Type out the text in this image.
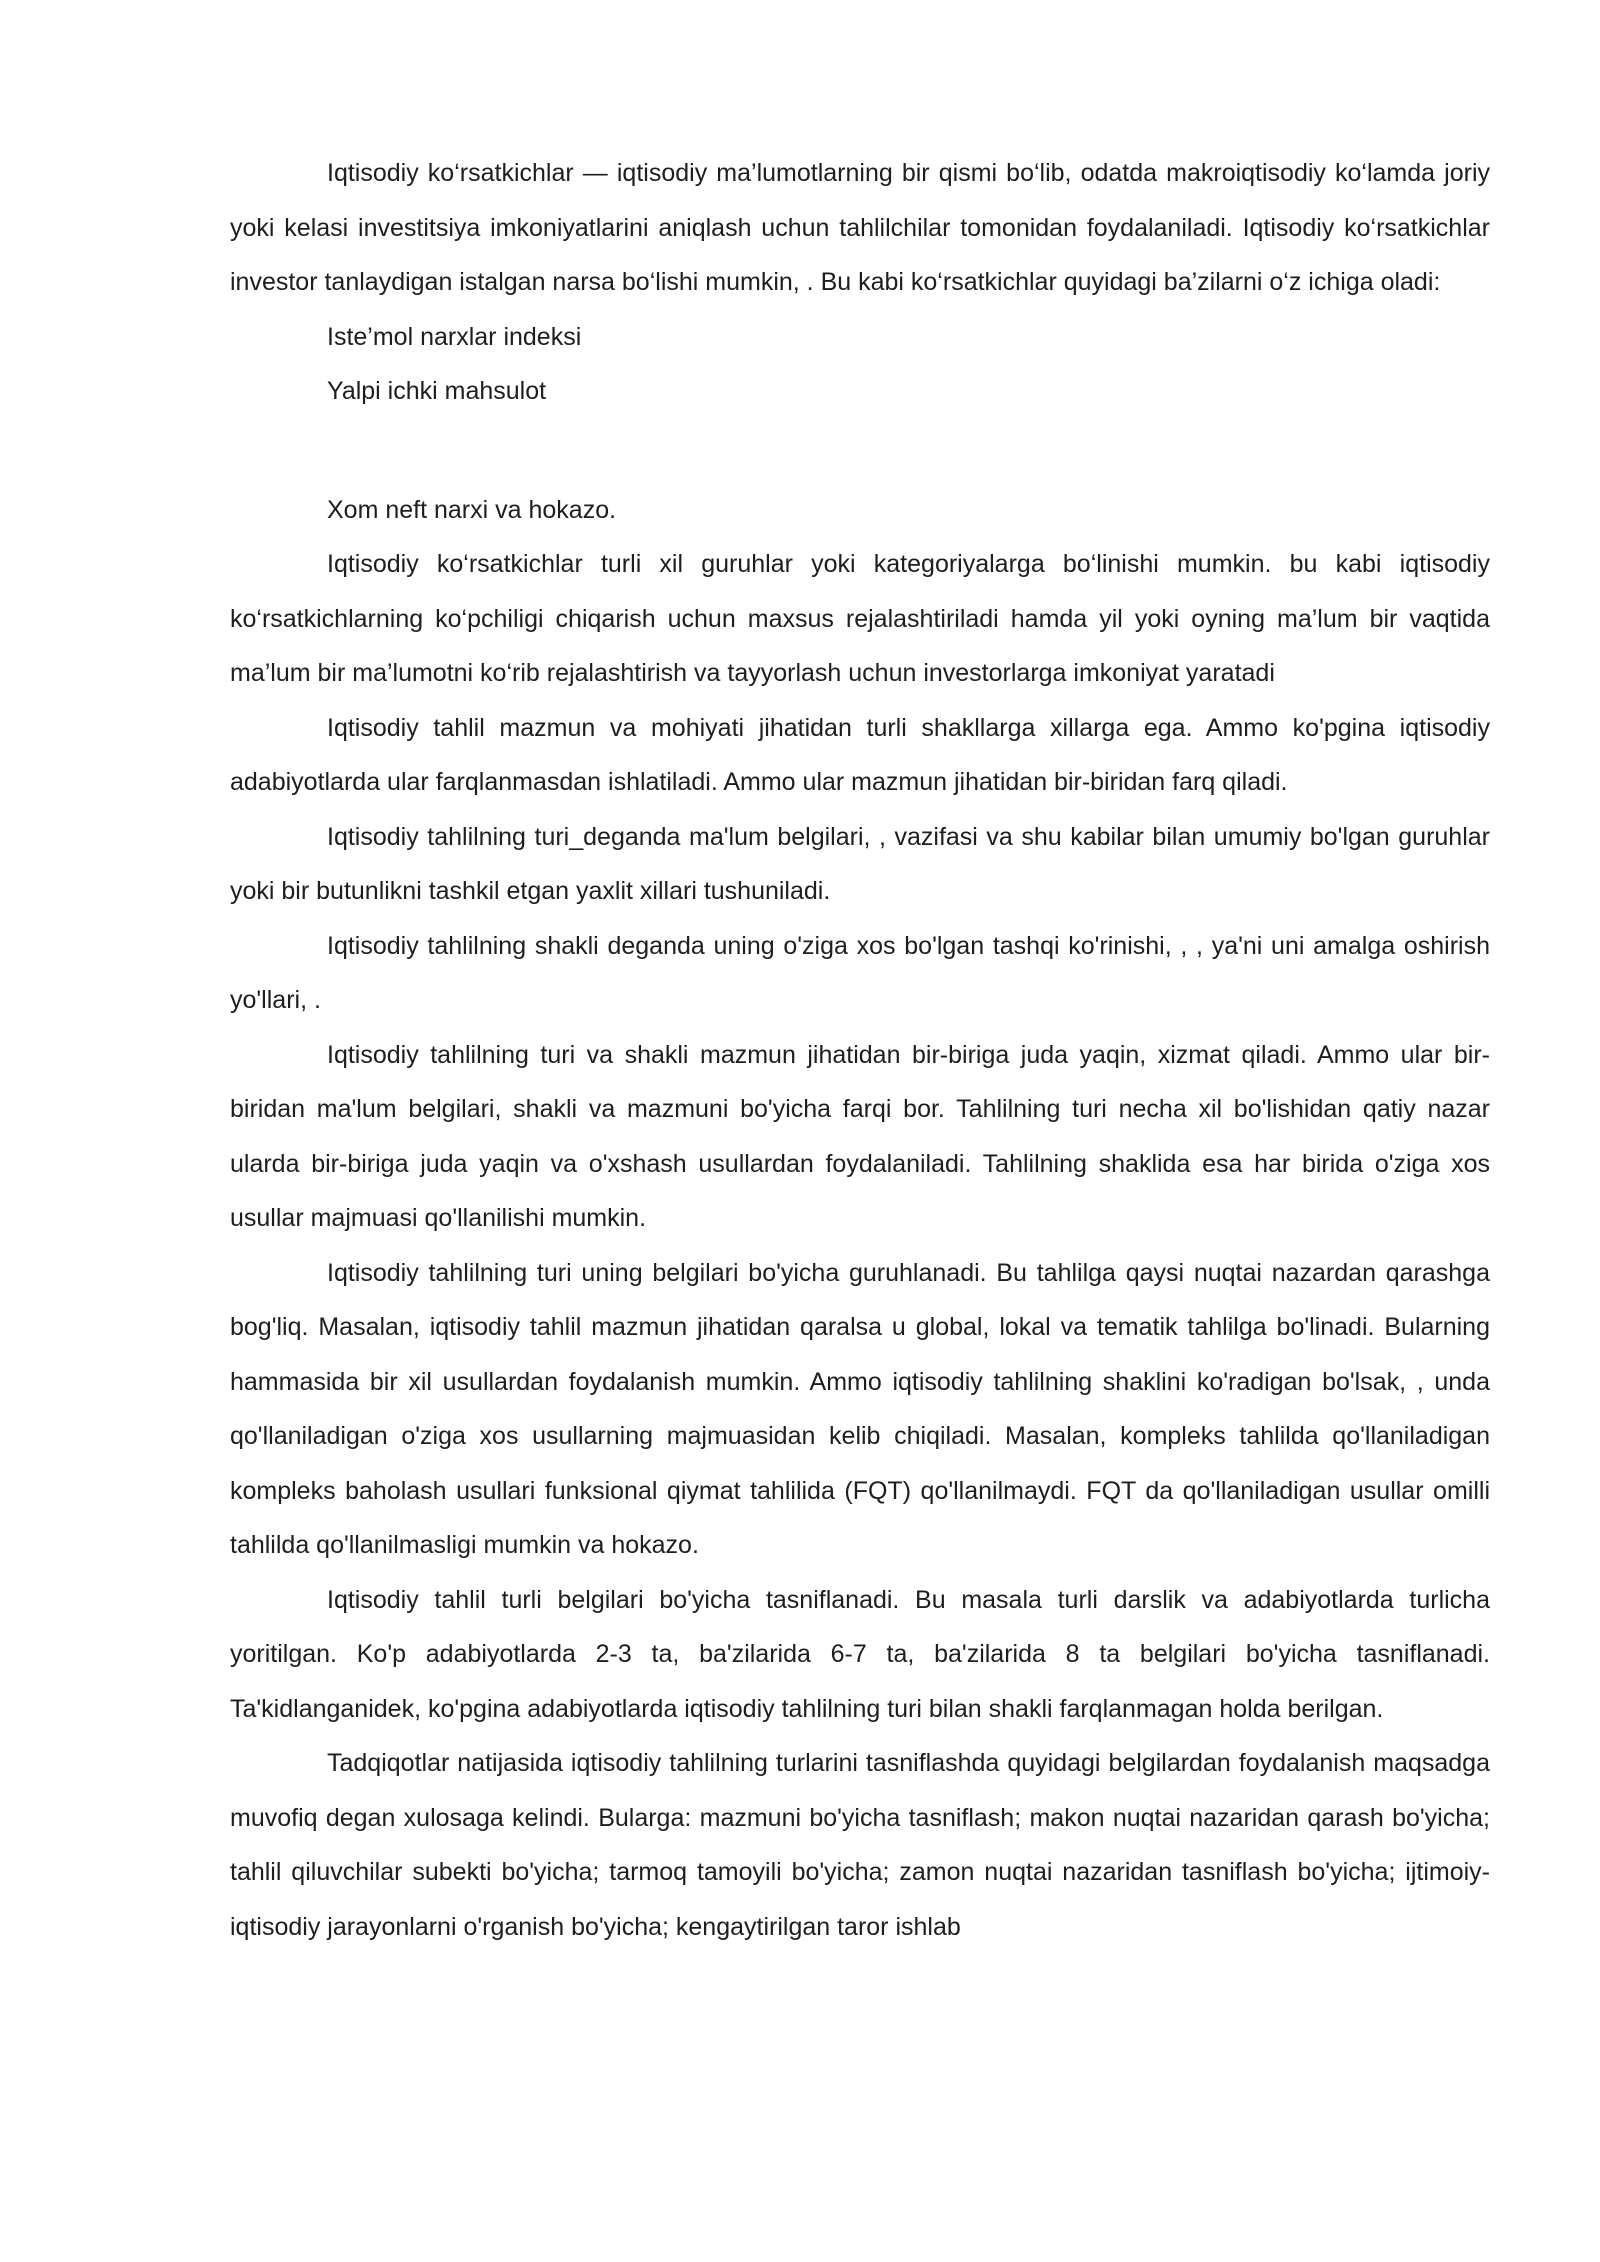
Iqtisodiy ko‘rsatkichlar — iqtisodiy ma’lumotlarning bir qismi bo‘lib, odatda makroiqtisodiy ko‘lamda joriy yoki kelasi investitsiya imkoniyatlarini aniqlash uchun tahlilchilar tomonidan foydalaniladi. Iqtisodiy ko‘rsatkichlar investor tanlaydigan istalgan narsa bo‘lishi mumkin, . Bu kabi ko‘rsatkichlar quyidagi ba’zilarni o‘z ichiga oladi:

Iste’mol narxlar indeksi

Yalpi ichki mahsulot

Xom neft narxi va hokazo.

Iqtisodiy ko‘rsatkichlar turli xil guruhlar yoki kategoriyalarga bo‘linishi mumkin. bu kabi iqtisodiy ko‘rsatkichlarning ko‘pchiligi chiqarish uchun maxsus rejalashtiriladi hamda yil yoki oyning ma’lum bir vaqtida ma’lum bir ma’lumotni ko‘rib rejalashtirish va tayyorlash uchun investorlarga imkoniyat yaratadi

Iqtisodiy tahlil mazmun va mohiyati jihatidan turli shakllarga xillarga ega. Ammo ko'pgina iqtisodiy adabiyotlarda ular farqlanmasdan ishlatiladi. Ammo ular mazmun jihatidan bir-biridan farq qiladi.

Iqtisodiy tahlilning turi_deganda ma'lum belgilari, , vazifasi va shu kabilar bilan umumiy bo'lgan guruhlar yoki bir butunlikni tashkil etgan yaxlit xillari tushuniladi.

Iqtisodiy tahlilning shakli deganda uning o'ziga xos bo'lgan tashqi ko'rinishi, , , ya'ni uni amalga oshirish yo'llari, .

Iqtisodiy tahlilning turi va shakli mazmun jihatidan bir-biriga juda yaqin, xizmat qiladi. Ammo ular bir-biridan ma'lum belgilari, shakli va mazmuni bo'yicha farqi bor. Tahlilning turi necha xil bo'lishidan qatiy nazar ularda bir-biriga juda yaqin va o'xshash usullardan foydalaniladi. Tahlilning shaklida esa har birida o'ziga xos usullar majmuasi qo'llanilishi mumkin.

Iqtisodiy tahlilning turi uning belgilari bo'yicha guruhlanadi. Bu tahlilga qaysi nuqtai nazardan qarashga bog'liq. Masalan, iqtisodiy tahlil mazmun jihatidan qaralsa u global, lokal va tematik tahlilga bo'linadi. Bularning hammasida bir xil usullardan foydalanish mumkin. Ammo iqtisodiy tahlilning shaklini ko'radigan bo'lsak, , unda qo'llaniladigan o'ziga xos usullarning majmuasidan kelib chiqiladi. Masalan, kompleks tahlilda qo'llaniladigan kompleks baholash usullari funksional qiymat tahlilida (FQT) qo'llanilmaydi. FQT da qo'llaniladigan usullar omilli tahlilda qo'llanilmasligi mumkin va hokazo.

Iqtisodiy tahlil turli belgilari bo'yicha tasniflanadi. Bu masala turli darslik va adabiyotlarda turlicha yoritilgan. Ko'p adabiyotlarda 2-3 ta, ba'zilarida 6-7 ta, ba'zilarida 8 ta belgilari bo'yicha tasniflanadi. Ta'kidlanganidek, ko'pgina adabiyotlarda iqtisodiy tahlilning turi bilan shakli farqlanmagan holda berilgan.

Tadqiqotlar natijasida iqtisodiy tahlilning turlarini tasniflashda quyidagi belgilardan foydalanish maqsadga muvofiq degan xulosaga kelindi. Bularga: mazmuni bo'yicha tasniflash; makon nuqtai nazaridan qarash bo'yicha; tahlil qiluvchilar subekti bo'yicha; tarmoq tamoyili bo'yicha; zamon nuqtai nazaridan tasniflash bo'yicha; ijtimoiy-iqtisodiy jarayonlarni o'rganish bo'yicha; kengaytirilgan taror ishlab
